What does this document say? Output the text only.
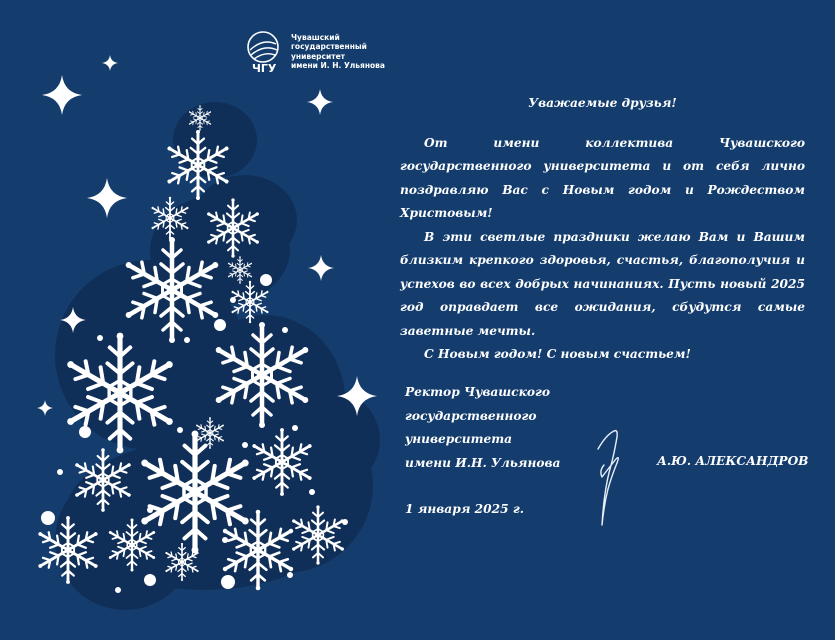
ЧГУ
Чувашский
государственный
университет
имени И. Н. Ульянова

Уважаемые друзья!

От имени коллектива Чувашского государственного университета и от себя лично поздравляю Вас с Новым годом и Рождеством Христовым!

В эти светлые праздники желаю Вам и Вашим близким крепкого здоровья, счастья, благополучия и успехов во всех добрых начинаниях. Пусть новый 2025 год оправдает все ожидания, сбудутся самые заветные мечты.

С Новым годом! С новым счастьем!

Ректор Чувашского
государственного
университета
имени И.Н. Ульянова	А.Ю. АЛЕКСАНДРОВ
1 января 2025 г.
